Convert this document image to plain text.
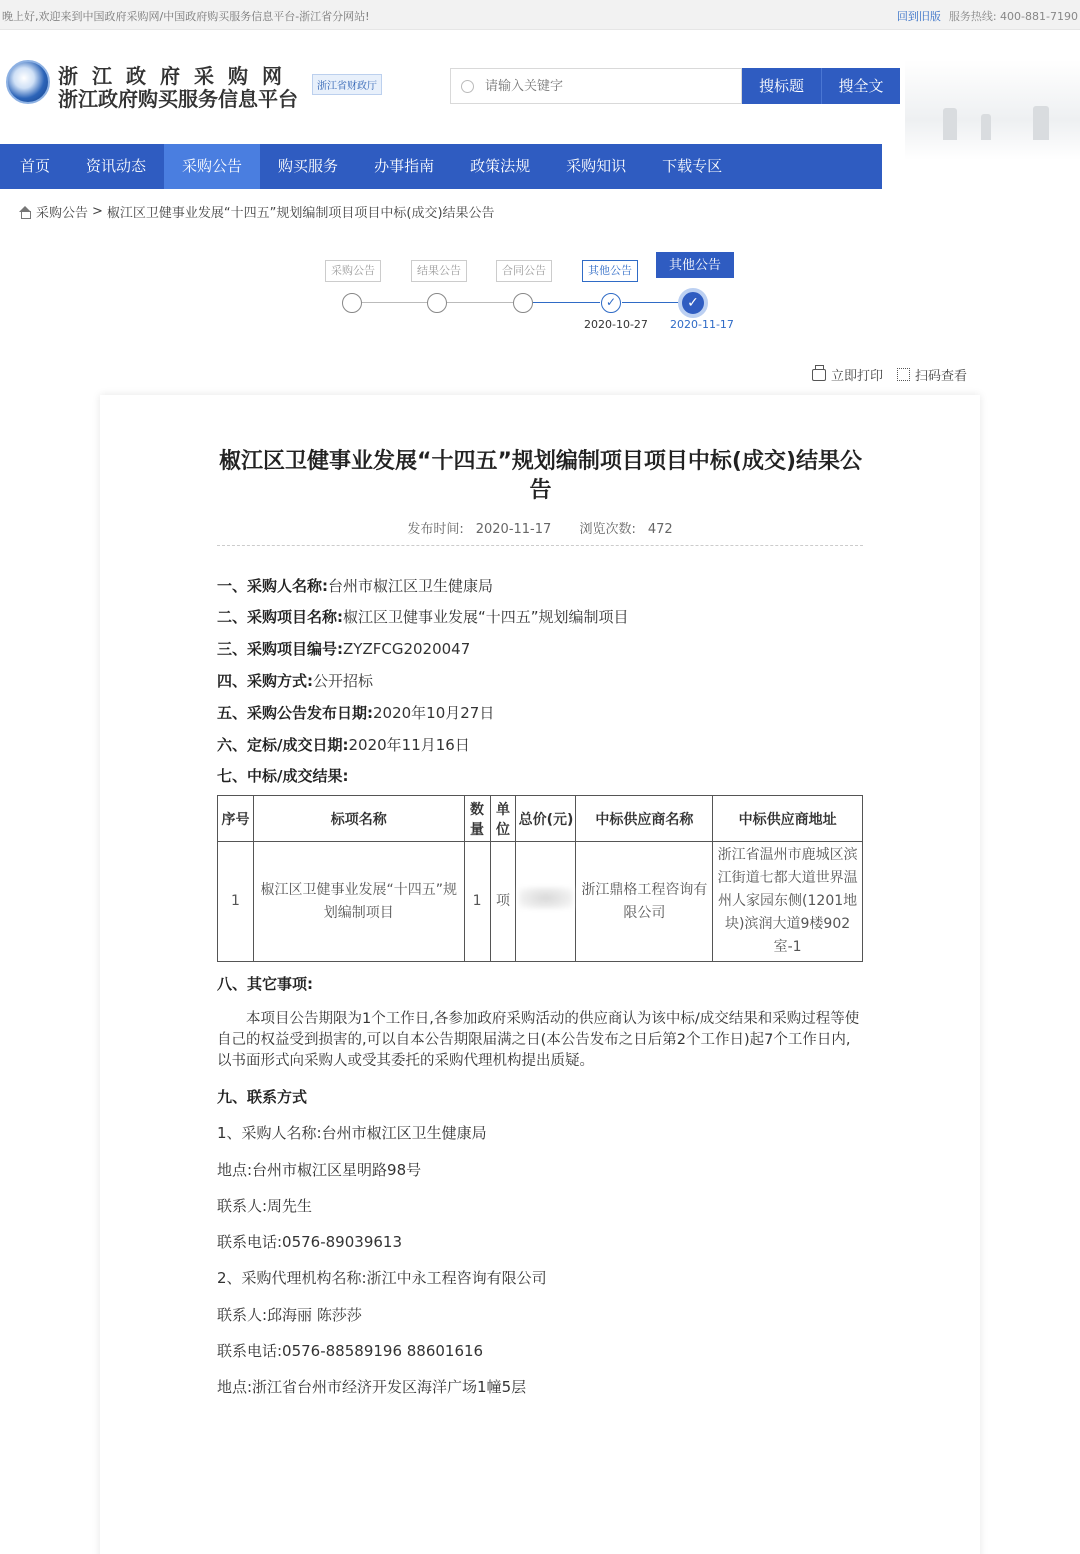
晚上好,欢迎来到中国政府采购网/中国政府购买服务信息平台-浙江省分网站!	回到旧版 服务热线: 400-881-7190
浙江政府采购网
浙江政府购买服务信息平台
浙江省财政厅
请输入关键字	搜标题	搜全文
首页	资讯动态	采购公告	购买服务	办事指南	政策法规	采购知识	下载专区
采购公告 > 椒江区卫健事业发展“十四五”规划编制项目项目中标(成交)结果公告
采购公告	结果公告	合同公告	其他公告	其他公告
✓	✓
2020-10-27 2020-11-17
立即打印 扫码查看
椒江区卫健事业发展“十四五”规划编制项目项目中标(成交)结果公告
发布时间: 2020-11-17 浏览次数: 472
一、采购人名称:台州市椒江区卫生健康局
二、采购项目名称:椒江区卫健事业发展“十四五”规划编制项目
三、采购项目编号:ZYZFCG2020047
四、采购方式:公开招标
五、采购公告发布日期:2020年10月27日
六、定标/成交日期:2020年11月16日
七、中标/成交结果:
序号	标项名称	数量	单位	总价(元)	中标供应商名称	中标供应商地址
1	椒江区卫健事业发展“十四五”规划编制项目	1	项		浙江鼎格工程咨询有限公司	浙江省温州市鹿城区滨江街道七都大道世界温州人家园东侧(1201地块)滨润大道9楼902室-1
八、其它事项:
本项目公告期限为1个工作日,各参加政府采购活动的供应商认为该中标/成交结果和采购过程等使自己的权益受到损害的,可以自本公告期限届满之日(本公告发布之日后第2个工作日)起7个工作日内,以书面形式向采购人或受其委托的采购代理机构提出质疑。
九、联系方式
1、采购人名称:台州市椒江区卫生健康局
地点:台州市椒江区星明路98号
联系人:周先生
联系电话:0576-89039613
2、采购代理机构名称:浙江中永工程咨询有限公司
联系人:邱海丽 陈莎莎
联系电话:0576-88589196 88601616
地点:浙江省台州市经济开发区海洋广场1幢5层
